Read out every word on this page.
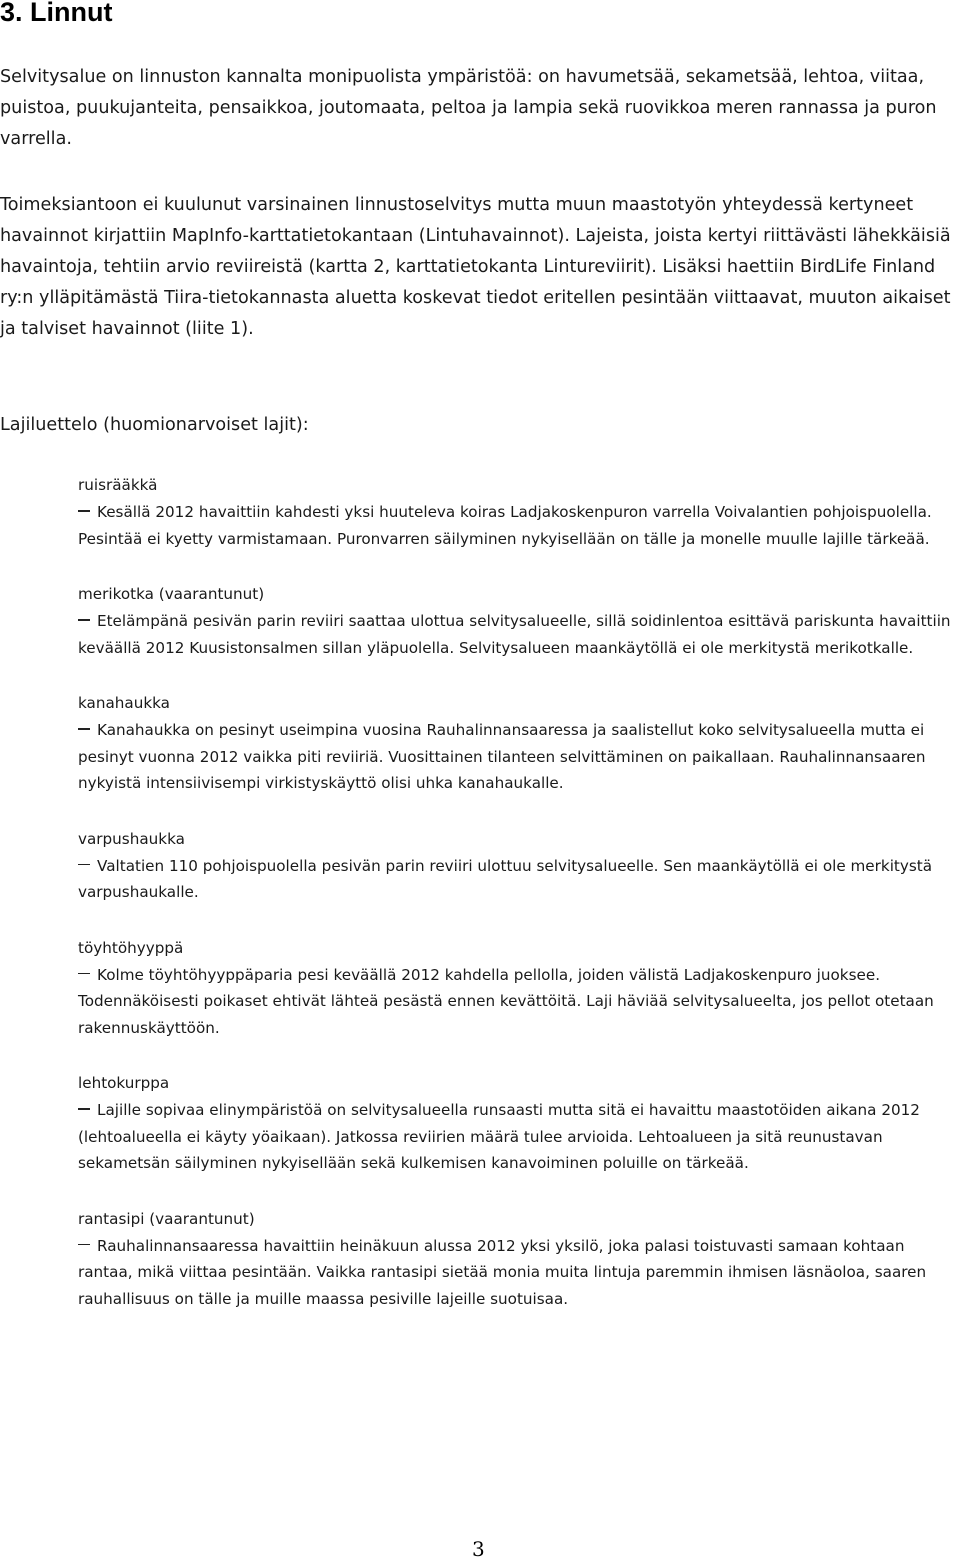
3. Linnut

Selvitysalue on linnuston kannalta monipuolista ympäristöä: on havumetsää, sekametsää, lehtoa, viitaa, puistoa, puukujanteita, pensaikkoa, joutomaata, peltoa ja lampia sekä ruovikkoa meren rannassa ja puron varrella.

Toimeksiantoon ei kuulunut varsinainen linnustoselvitys mutta muun maastotyön yhteydessä kertyneet havainnot kirjattiin MapInfo-karttatietokantaan (Lintuhavainnot). Lajeista, joista kertyi riittävästi lähekkäisiä havaintoja, tehtiin arvio reviireistä (kartta 2, karttatietokanta Lintureviirit). Lisäksi haettiin BirdLife Finland ry:n ylläpitämästä Tiira-tietokannasta aluetta koskevat tiedot eritellen pesintään viittaavat, muuton aikaiset ja talviset havainnot (liite 1).

Lajiluettelo (huomionarvoiset lajit):

ruisrääkkä
Kesällä 2012 havaittiin kahdesti yksi huuteleva koiras Ladjakoskenpuron varrella Voivalantien pohjoispuolella. Pesintää ei kyetty varmistamaan. Puronvarren säilyminen nykyisellään on tälle ja monelle muulle lajille tärkeää.
merikotka (vaarantunut)
Etelämpänä pesivän parin reviiri saattaa ulottua selvitysalueelle, sillä soidinlentoa esittävä pariskunta havaittiin keväällä 2012 Kuusistonsalmen sillan yläpuolella. Selvitysalueen maankäytöllä ei ole merkitystä merikotkalle.
kanahaukka
Kanahaukka on pesinyt useimpina vuosina Rauhalinnansaaressa ja saalistellut koko selvitysalueella mutta ei pesinyt vuonna 2012 vaikka piti reviiriä. Vuosittainen tilanteen selvittäminen on paikallaan. Rauhalinnansaaren nykyistä intensiivisempi virkistyskäyttö olisi uhka kanahaukalle.
varpushaukka
Valtatien 110 pohjoispuolella pesivän parin reviiri ulottuu selvitysalueelle. Sen maankäytöllä ei ole merkitystä varpushaukalle.
töyhtöhyyppä
Kolme töyhtöhyyppäparia pesi keväällä 2012 kahdella pellolla, joiden välistä Ladjakoskenpuro juoksee. Todennäköisesti poikaset ehtivät lähteä pesästä ennen kevättöitä. Laji häviää selvitysalueelta, jos pellot otetaan rakennuskäyttöön.
lehtokurppa
Lajille sopivaa elinympäristöä on selvitysalueella runsaasti mutta sitä ei havaittu maastotöiden aikana 2012 (lehtoalueella ei käyty yöaikaan). Jatkossa reviirien määrä tulee arvioida. Lehtoalueen ja sitä reunustavan sekametsän säilyminen nykyisellään sekä kulkemisen kanavoiminen poluille on tärkeää.
rantasipi (vaarantunut)
Rauhalinnansaaressa havaittiin heinäkuun alussa 2012 yksi yksilö, joka palasi toistuvasti samaan kohtaan rantaa, mikä viittaa pesintään. Vaikka rantasipi sietää monia muita lintuja paremmin ihmisen läsnäoloa, saaren rauhallisuus on tälle ja muille maassa pesiville lajeille suotuisaa.
3
